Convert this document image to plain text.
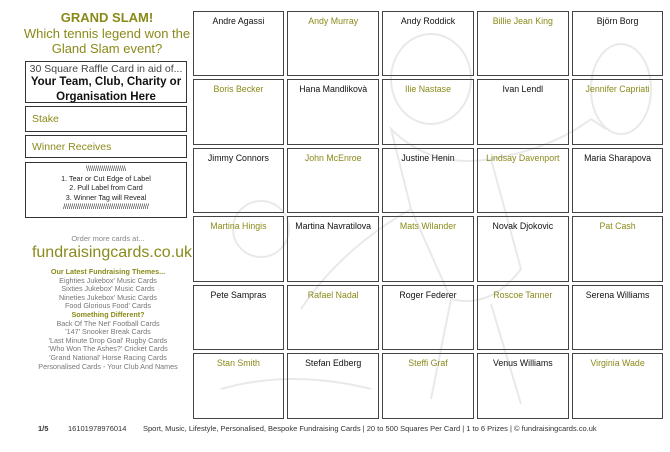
GRAND SLAM!
Which tennis legend won the Gland Slam event?
30 Square Raffle Card in aid of...
Your Team, Club, Charity or Organisation Here
Stake
Winner Receives
\\\\\\\\\\\\\\\\\\\\
1. Tear or Cut Edge of Label
2. Pull Label from Card
3. Winner Tag will Reveal
///////////////////////////////////////////
Order more cards at...
fundraisingcards.co.uk
Our Latest Fundraising Themes...
Eighties Jukebox' Music Cards
Sixties Jukebox' Music Cards
Nineties Jukebox' Music Cards
Food Glorious Food' Cards
Something Different?
Back Of The Net' Football Cards
'147' Snooker Break Cards
'Last Minute Drop Goal' Rugby Cards
'Who Won The Ashes?' Cricket Cards
'Grand National' Horse Racing Cards
Personalised Cards - Your Club And Names
Andre Agassi	Andy Murray	Andy Roddick	Billie Jean King	Björn Borg
Boris Becker	Hana Mandlikovà	Ilie Nastase	Ivan Lendl	Jennifer Capriati
Jimmy Connors	John McEnroe	Justine Henin	Lindsay Davenport	Maria Sharapova
Martina Hingis	Martina Navratilova	Mats Wilander	Novak Djokovic	Pat Cash
Pete Sampras	Rafael Nadal	Roger Federer	Roscoe Tanner	Serena Williams
Stan Smith	Stefan Edberg	Steffi Graf	Venus Williams	Virginia Wade
1/5	16101978976014 Sport, Music, Lifestyle, Personalised, Bespoke Fundraising Cards | 20 to 500 Squares Per Card | 1 to 6 Prizes | © fundraisingcards.co.uk
